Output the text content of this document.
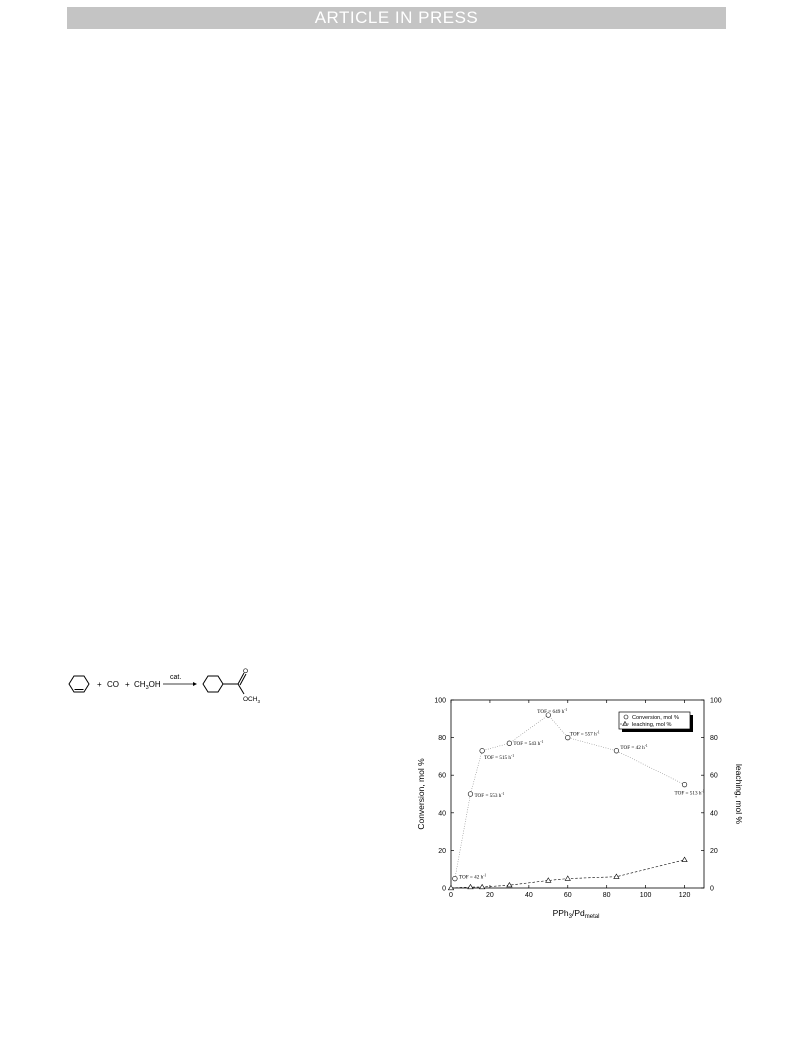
ARTICLE IN PRESS
+ CO + $CH_3OH$
cat.
O
$OCH_3$
Conversion, mol %	leaching, mol %
$PPh_3/Pd_{metal}$
Conversion, mol %
leaching, mol %
0	20	40	60	80	100	120
0
20
40
60
80
100
0
20
40
60
80
100
TOF = 42 $h^{-1}$
TOF = 553 $h^{-1}$
TOF = 515 $h^{-1}$
TOF = 543 $h^{-1}$
TOF = 649 $h^{-1}$
TOF = 557 $h^{-1}$
TOF = 42 $h^{-1}$
TOF = 513 $h^{-1}$
